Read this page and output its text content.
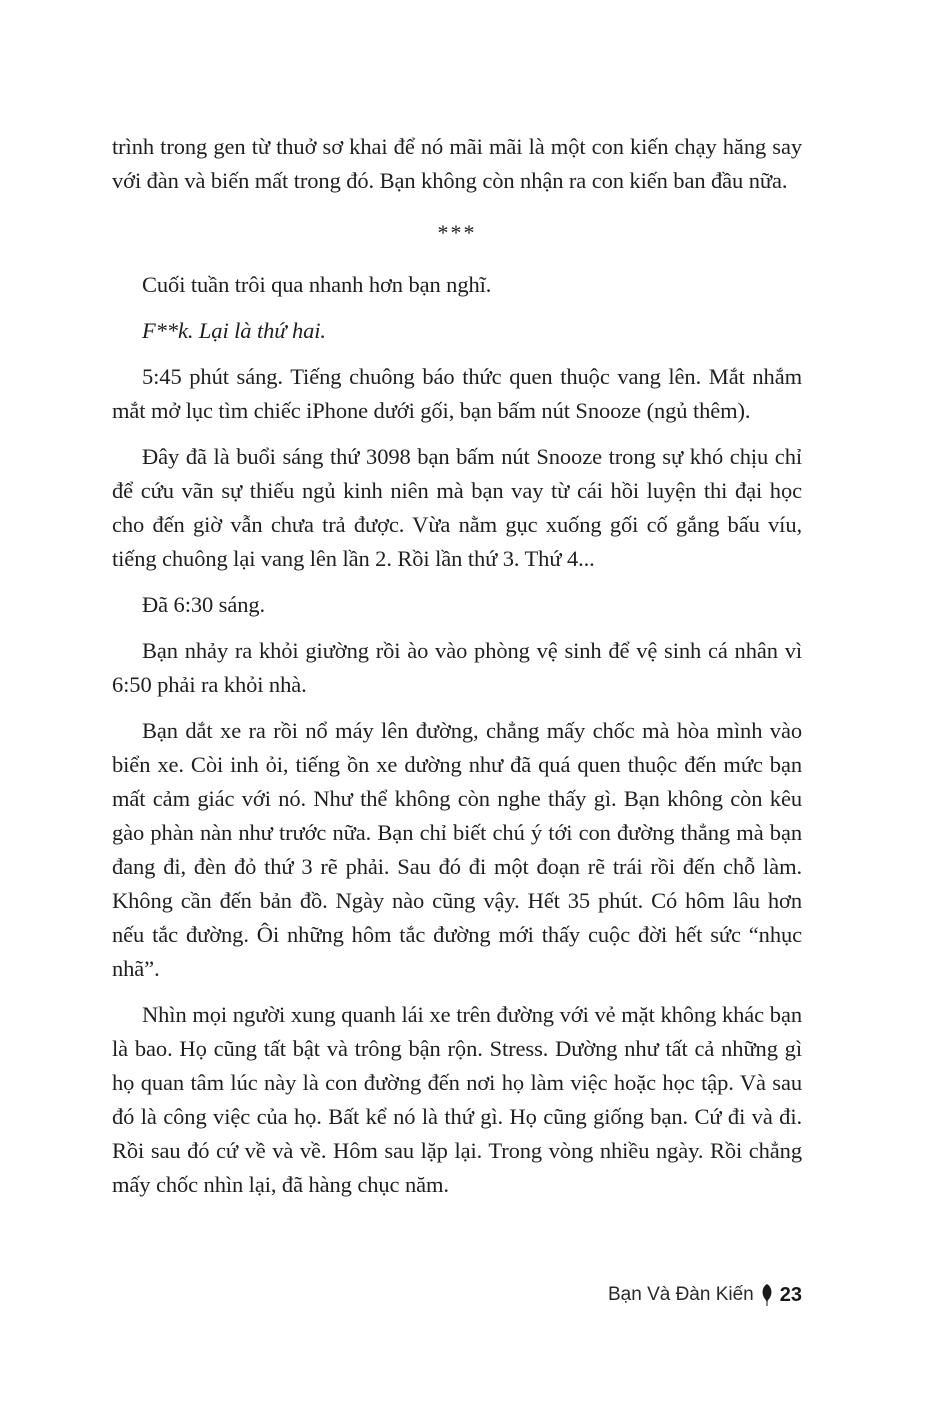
trình trong gen từ thuở sơ khai để nó mãi mãi là một con kiến chạy hăng say với đàn và biến mất trong đó. Bạn không còn nhận ra con kiến ban đầu nữa.

***

Cuối tuần trôi qua nhanh hơn bạn nghĩ.

F**k. Lại là thứ hai.

5:45 phút sáng. Tiếng chuông báo thức quen thuộc vang lên. Mắt nhắm mắt mở lục tìm chiếc iPhone dưới gối, bạn bấm nút Snooze (ngủ thêm).

Đây đã là buổi sáng thứ 3098 bạn bấm nút Snooze trong sự khó chịu chỉ để cứu vãn sự thiếu ngủ kinh niên mà bạn vay từ cái hồi luyện thi đại học cho đến giờ vẫn chưa trả được. Vừa nằm gục xuống gối cố gắng bấu víu, tiếng chuông lại vang lên lần 2. Rồi lần thứ 3. Thứ 4...

Đã 6:30 sáng.

Bạn nhảy ra khỏi giường rồi ào vào phòng vệ sinh để vệ sinh cá nhân vì 6:50 phải ra khỏi nhà.

Bạn dắt xe ra rồi nổ máy lên đường, chẳng mấy chốc mà hòa mình vào biển xe. Còi inh ỏi, tiếng ồn xe dường như đã quá quen thuộc đến mức bạn mất cảm giác với nó. Như thể không còn nghe thấy gì. Bạn không còn kêu gào phàn nàn như trước nữa. Bạn chỉ biết chú ý tới con đường thẳng mà bạn đang đi, đèn đỏ thứ 3 rẽ phải. Sau đó đi một đoạn rẽ trái rồi đến chỗ làm. Không cần đến bản đồ. Ngày nào cũng vậy. Hết 35 phút. Có hôm lâu hơn nếu tắc đường. Ôi những hôm tắc đường mới thấy cuộc đời hết sức “nhục nhã”.

Nhìn mọi người xung quanh lái xe trên đường với vẻ mặt không khác bạn là bao. Họ cũng tất bật và trông bận rộn. Stress. Dường như tất cả những gì họ quan tâm lúc này là con đường đến nơi họ làm việc hoặc học tập. Và sau đó là công việc của họ. Bất kể nó là thứ gì. Họ cũng giống bạn. Cứ đi và đi. Rồi sau đó cứ về và về. Hôm sau lặp lại. Trong vòng nhiều ngày. Rồi chẳng mấy chốc nhìn lại, đã hàng chục năm.

Bạn Và Đàn Kiến 23
